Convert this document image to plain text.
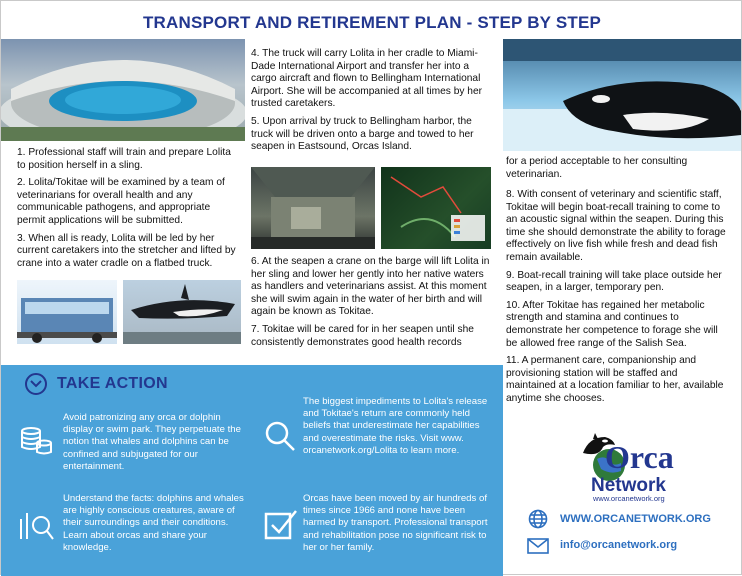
TRANSPORT AND RETIREMENT PLAN - STEP BY STEP

1. Professional staff will train and prepare Lolita to position herself in a sling.

2. Lolita/Tokitae will be examined by a team of veterinarians for overall health and any communicable pathogens, and appropriate permit applications will be submitted.

3. When all is ready, Lolita will be led by her current caretakers into the stretcher and lifted by crane into a water cradle on a flatbed truck.

4. The truck will carry Lolita in her cradle to Miami-Dade International Airport and transfer her into a cargo aircraft and flown to Bellingham International Airport. She will be accompanied at all times by her trusted caretakers.

5. Upon arrival by truck to Bellingham harbor, the truck will be driven onto a barge and towed to her seapen in Eastsound, Orcas Island.

6. At the seapen a crane on the barge will lift Lolita in her sling and lower her gently into her native waters as handlers and veterinarians assist. At this moment she will swim again in the water of her birth and will again be known as Tokitae.

7. Tokitae will be cared for in her seapen until she consistently demonstrates good health records

for a period acceptable to her consulting veterinarian.

8. With consent of veterinary and scientific staff, Tokitae will begin boat-recall training to come to an acoustic signal within the seapen. During this time she should demonstrate the ability to forage effectively on live fish while fresh and dead fish remain available.

9. Boat-recall training will take place outside her seapen, in a larger, temporary pen.

10. After Tokitae has regained her metabolic strength and stamina and continues to demonstrate her competence to forage she will be allowed free range of the Salish Sea.

11. A permanent care, companionship and provisioning station will be staffed and maintained at a location familiar to her, available anytime she chooses.

TAKE ACTION
Avoid patronizing any orca or dolphin display or swim park. They perpetuate the notion that whales and dolphins can be confined and subjugated for our entertainment.
Understand the facts: dolphins and whales are highly conscious creatures, aware of their surroundings and their conditions. Learn about orcas and share your knowledge.
The biggest impediments to Lolita's release and Tokitae's return are commonly held beliefs that underestimate her capabilities and overestimate the risks. Visit www. orcanetwork.org/Lolita to learn more.
Orcas have been moved by air hundreds of times since 1966 and none have been harmed by transport. Professional transport and rehabilitation pose no significant risk to her or her family.
Orca
Network
www.orcanetwork.org
WWW.ORCANETWORK.ORG
info@orcanetwork.org
